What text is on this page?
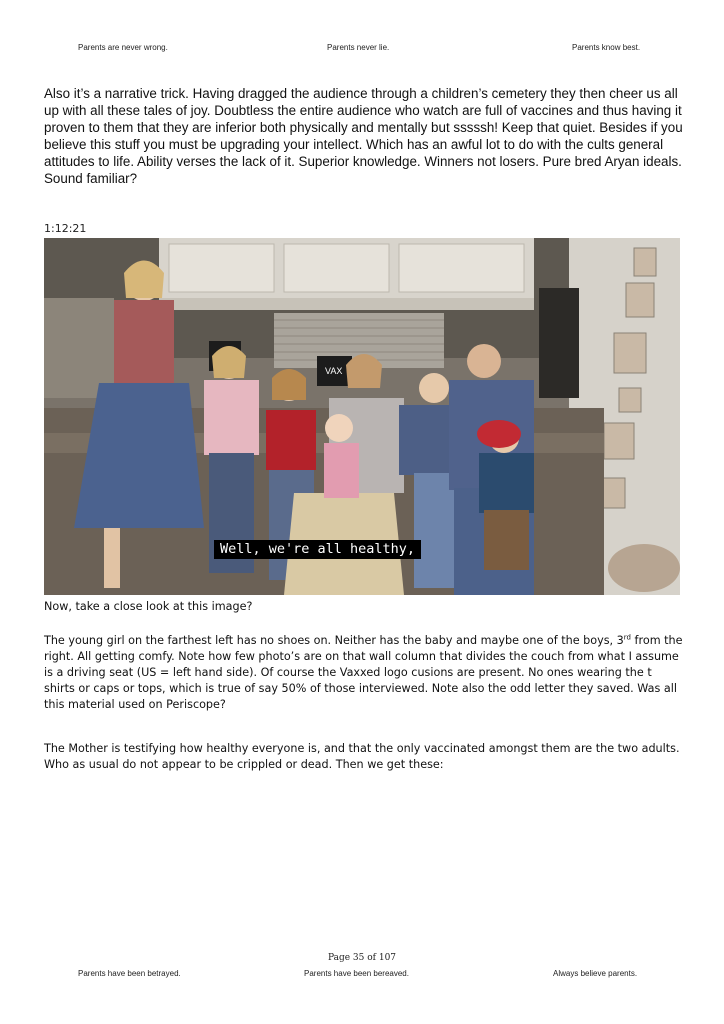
Parents are never wrong.	Parents never lie.	Parents know best.

Also it’s a narrative trick. Having dragged the audience through a children’s cemetery they then cheer us all up with all these tales of joy. Doubtless the entire audience who watch are full of vaccines and thus having it proven to them that they are inferior both physically and mentally but sssssh! Keep that quiet. Besides if you believe this stuff you must be upgrading your intellect. Which has an awful lot to do with the cults general attitudes to life. Ability verses the lack of it. Superior knowledge. Winners not losers. Pure bred Aryan ideals. Sound familiar?

1:12:21

VAX
Well, we're all healthy,

Now, take a close look at this image?

The young girl on the farthest left has no shoes on. Neither has the baby and maybe one of the boys, 3rd from the right. All getting comfy. Note how few photo’s are on that wall column that divides the couch from what I assume is a driving seat (US = left hand side). Of course the Vaxxed logo cusions are present. No ones wearing the t shirts or caps or tops, which is true of say 50% of those interviewed. Note also the odd letter they saved. Was all this material used on Periscope?

The Mother is testifying how healthy everyone is, and that the only vaccinated amongst them are the two adults. Who as usual do not appear to be crippled or dead. Then we get these:

Page 35 of 107
Parents have been betrayed.	Parents have been bereaved.	Always believe parents.
